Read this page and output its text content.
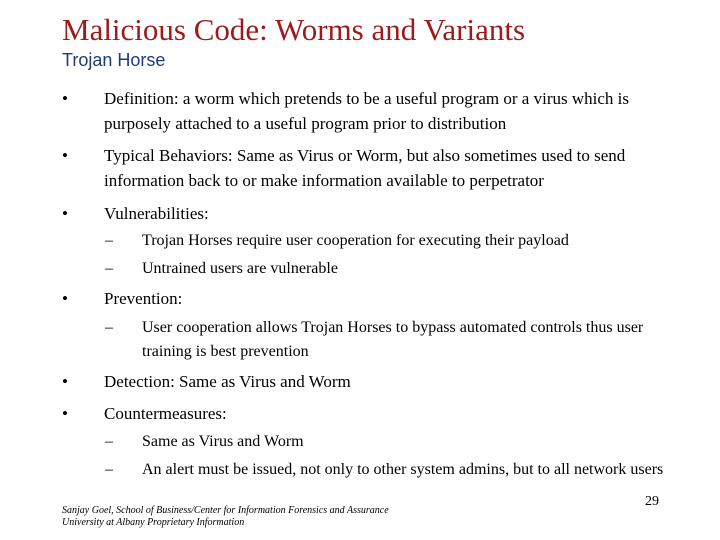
Malicious Code: Worms and Variants
Trojan Horse
• Definition: a worm which pretends to be a useful program or a virus which is purposely attached to a useful program prior to distribution
• Typical Behaviors: Same as Virus or Worm, but also sometimes used to send information back to or make information available to perpetrator
• Vulnerabilities:
– Trojan Horses require user cooperation for executing their payload
– Untrained users are vulnerable
• Prevention:
– User cooperation allows Trojan Horses to bypass automated controls thus user training is best prevention
• Detection: Same as Virus and Worm
• Countermeasures:
– Same as Virus and Worm
– An alert must be issued, not only to other system admins, but to all network users
Sanjay Goel, School of Business/Center for Information Forensics and Assurance
University at Albany Proprietary Information
29
